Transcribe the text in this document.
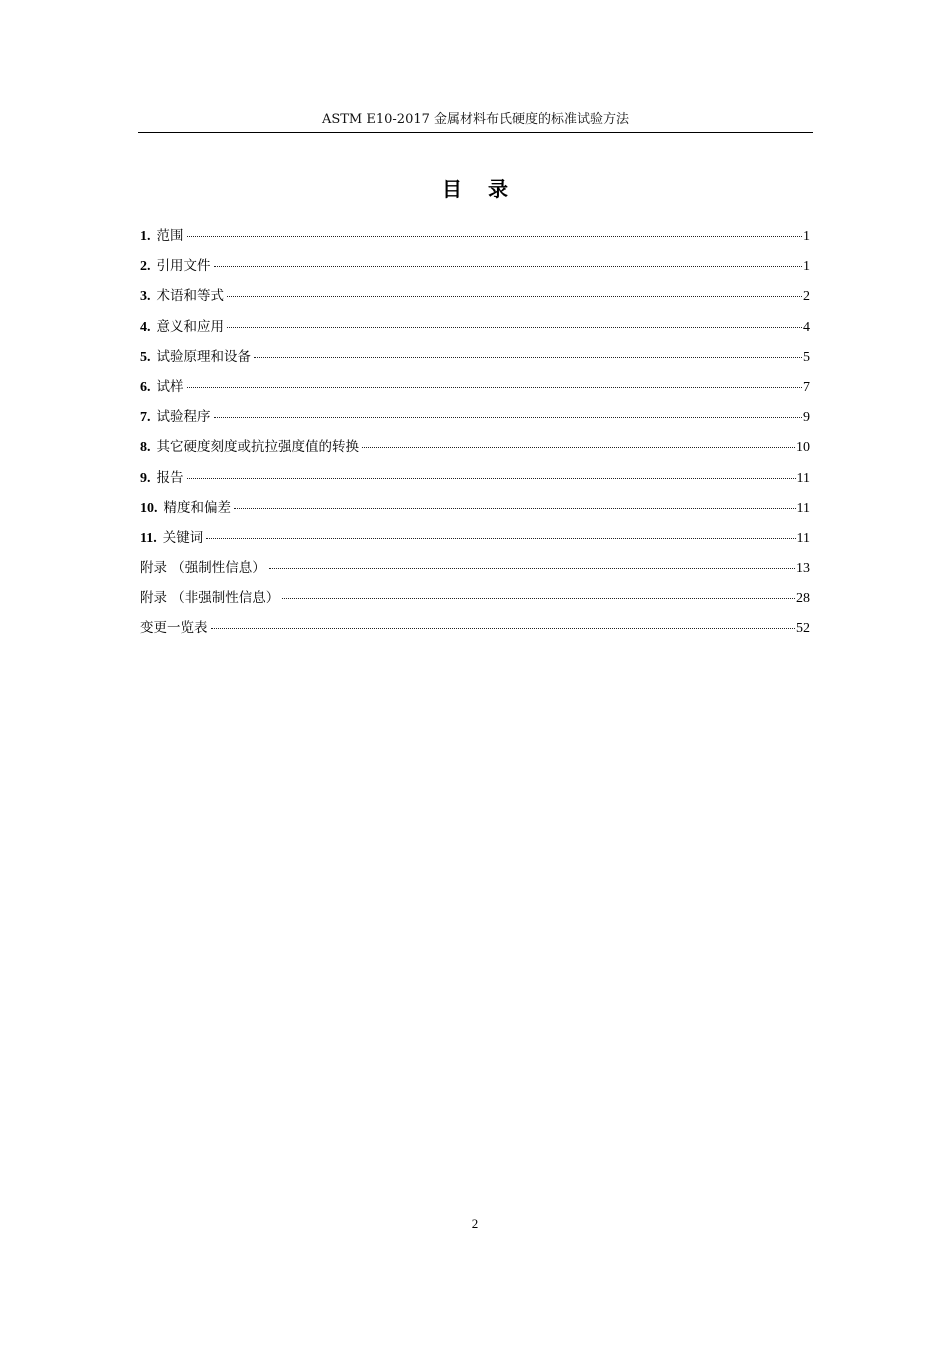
ASTM E10-2017 金属材料布氏硬度的标准试验方法
目录
1. 范围	1
2. 引用文件	1
3. 术语和等式	2
4. 意义和应用	4
5. 试验原理和设备	5
6. 试样	7
7. 试验程序	9
8. 其它硬度刻度或抗拉强度值的转换	10
9. 报告	11
10. 精度和偏差	11
11. 关键词	11
附录 （强制性信息）	13
附录 （非强制性信息）	28
变更一览表	52
2
